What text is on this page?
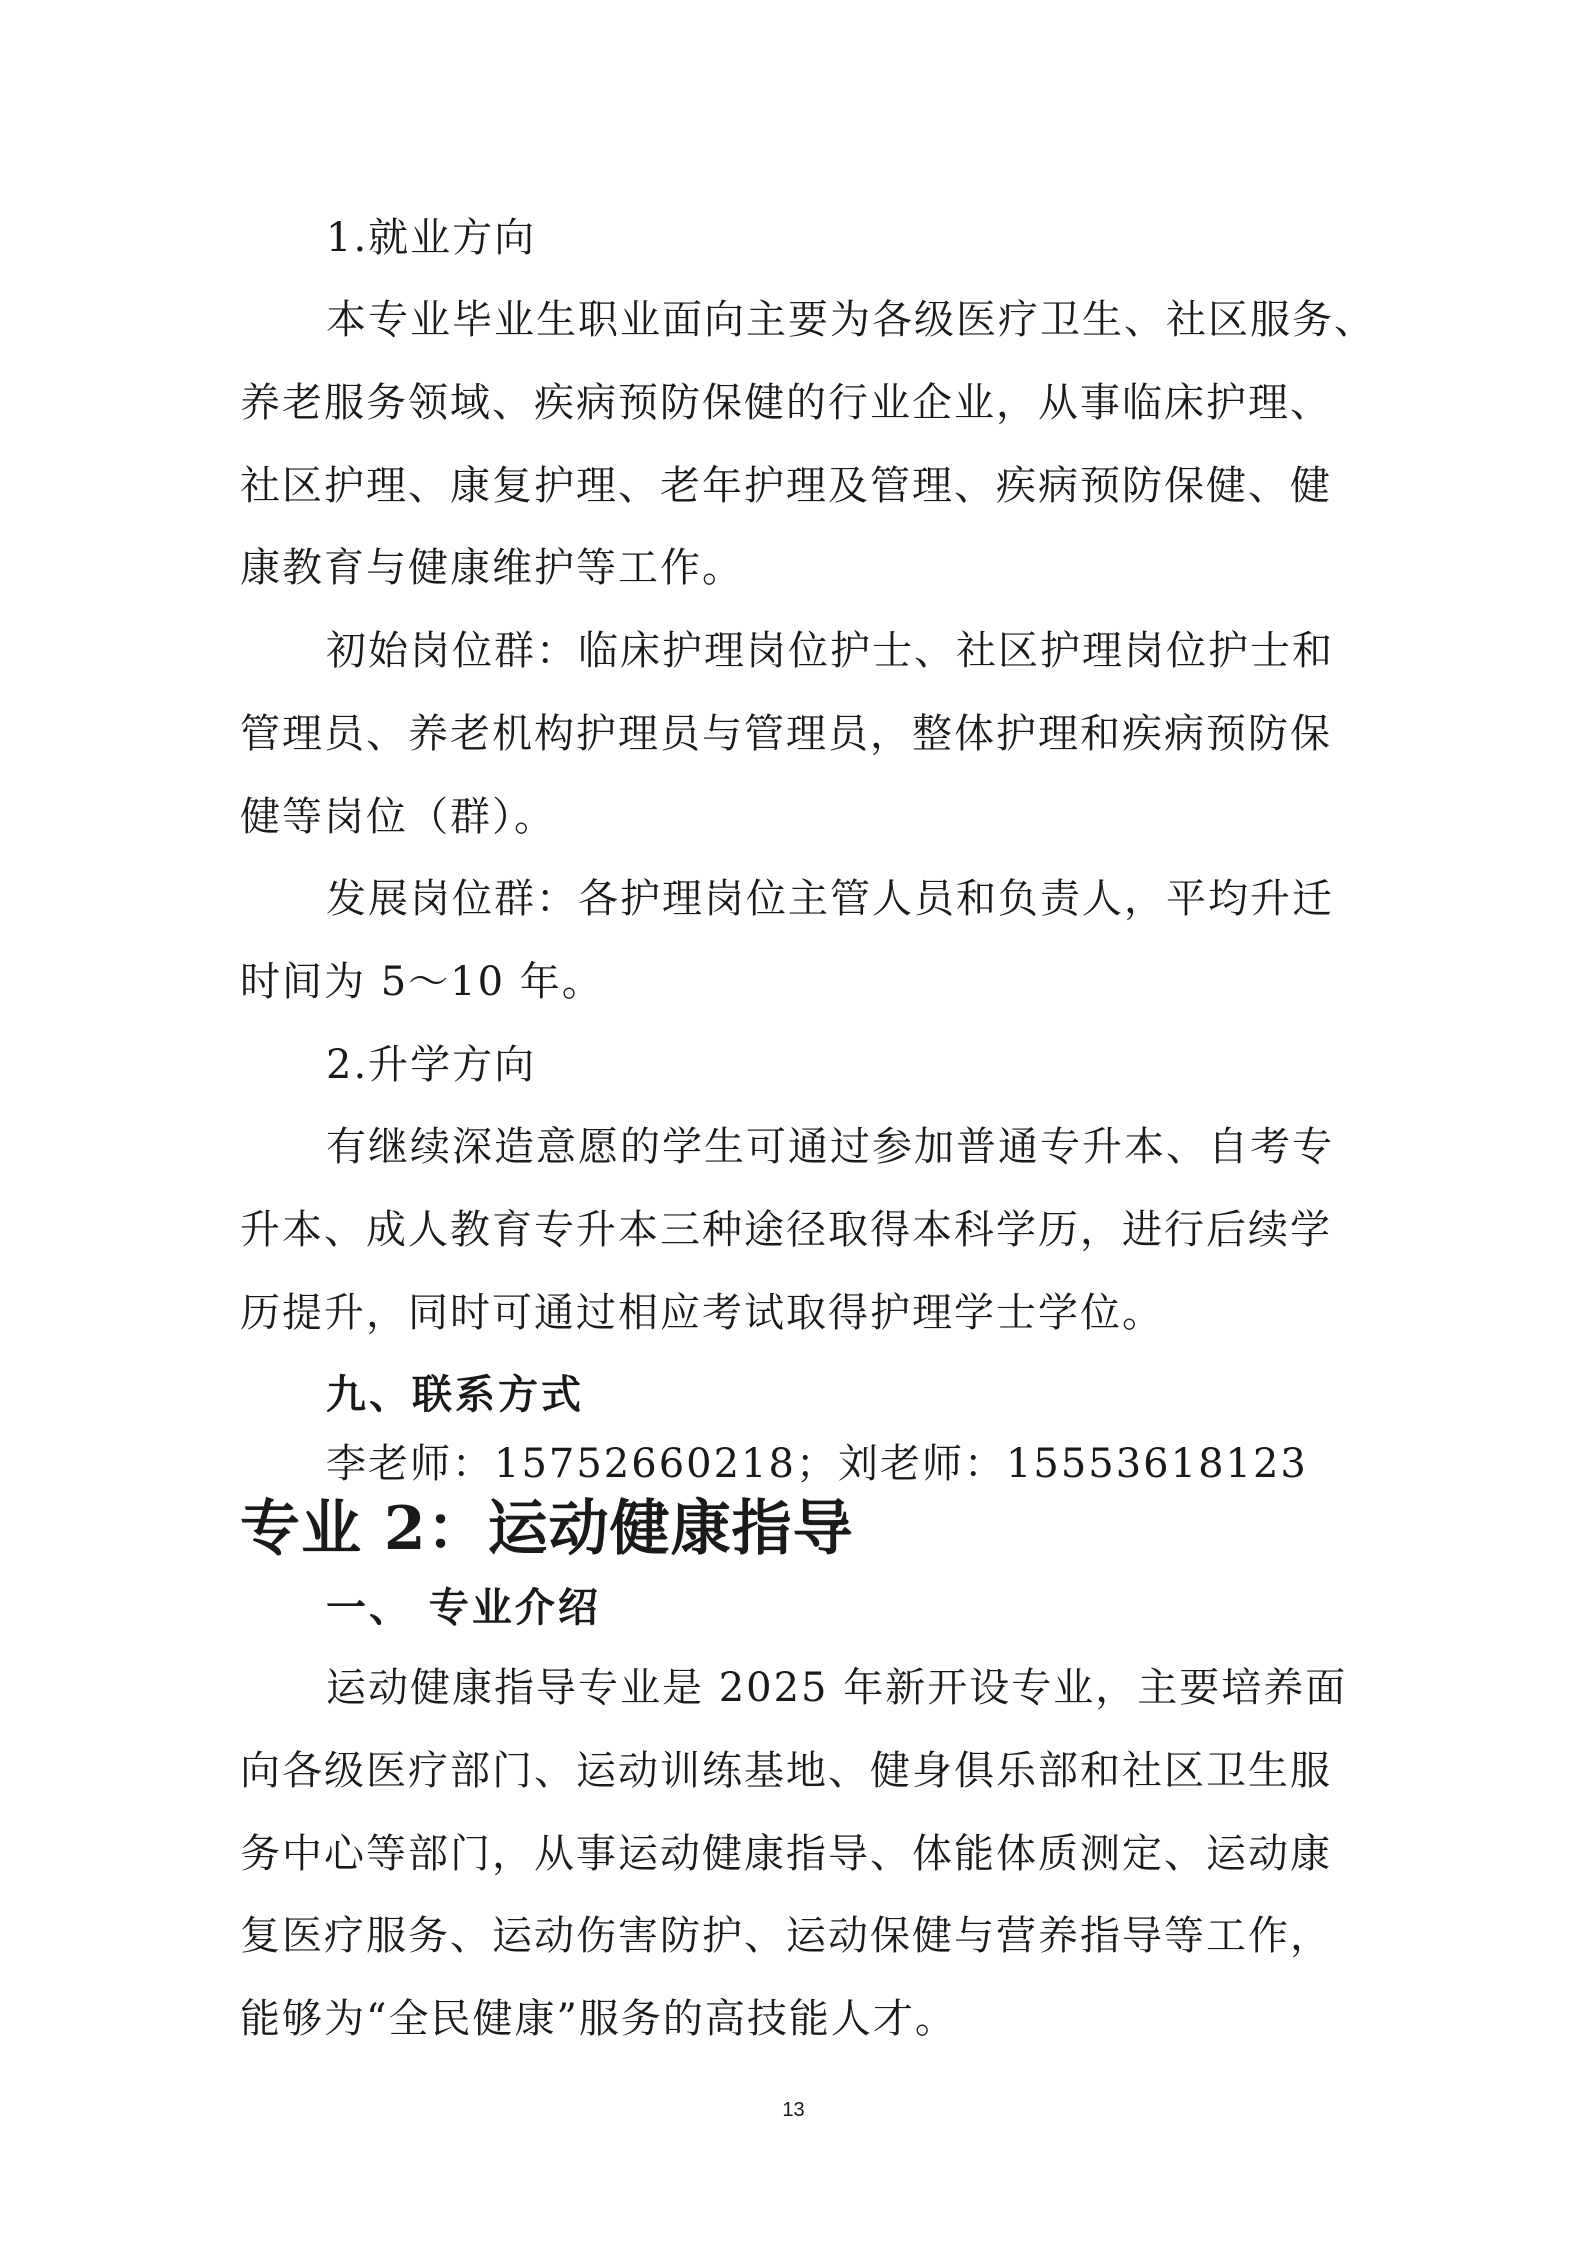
1.就业方向
本专业毕业生职业面向主要为各级医疗卫生、社区服务、
养老服务领域、疾病预防保健的行业企业，从事临床护理、
社区护理、康复护理、老年护理及管理、疾病预防保健、健
康教育与健康维护等工作。
初始岗位群：临床护理岗位护士、社区护理岗位护士和
管理员、养老机构护理员与管理员，整体护理和疾病预防保
健等岗位（群）。
发展岗位群：各护理岗位主管人员和负责人，平均升迁
时间为 5～10 年。
2.升学方向
有继续深造意愿的学生可通过参加普通专升本、自考专
升本、成人教育专升本三种途径取得本科学历，进行后续学
历提升，同时可通过相应考试取得护理学士学位。
九、联系方式
李老师：15752660218；刘老师：15553618123
专业 2：运动健康指导
一、 专业介绍
运动健康指导专业是 2025 年新开设专业，主要培养面
向各级医疗部门、运动训练基地、健身俱乐部和社区卫生服
务中心等部门，从事运动健康指导、体能体质测定、运动康
复医疗服务、运动伤害防护、运动保健与营养指导等工作，
能够为“全民健康”服务的高技能人才。
13
